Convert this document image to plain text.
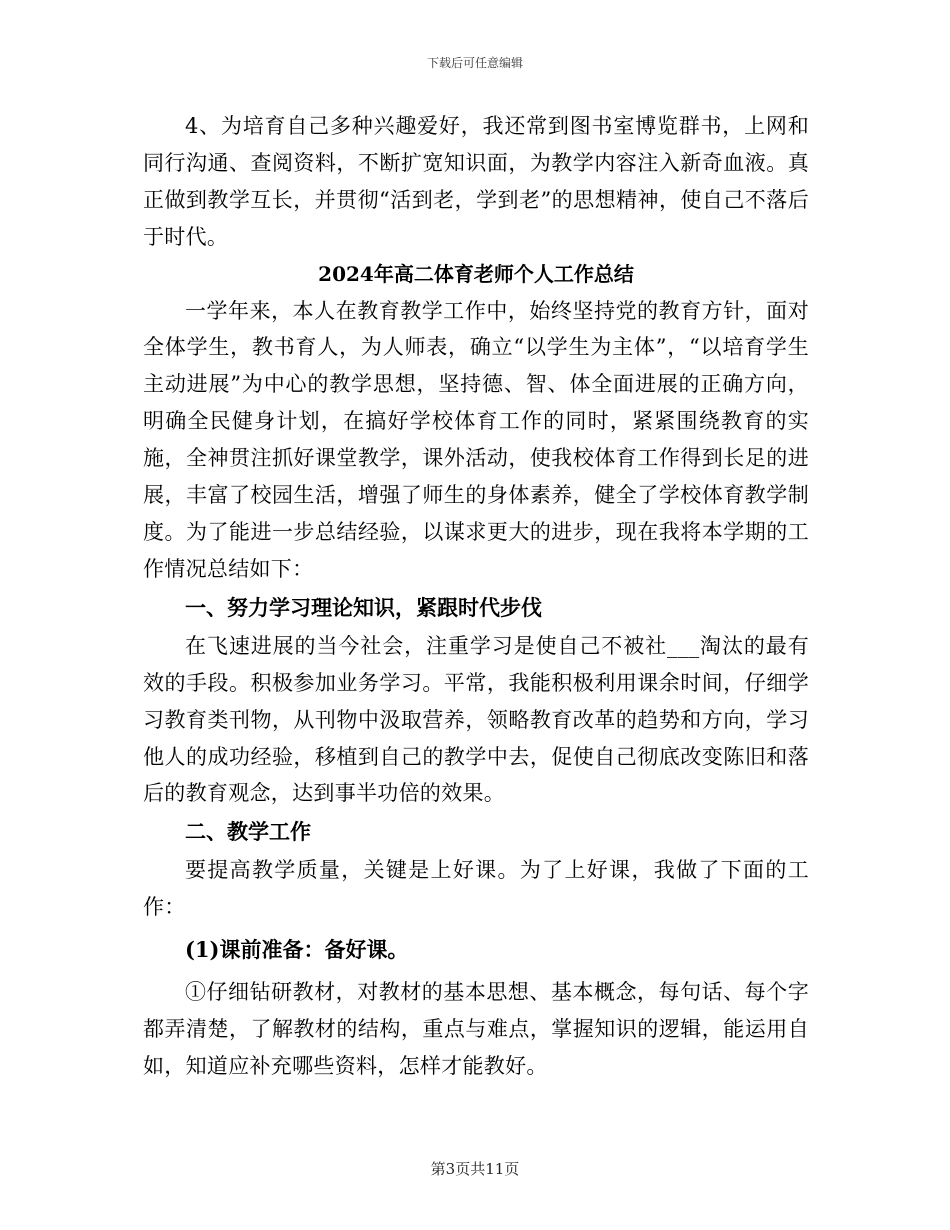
下载后可任意编辑

4、为培育自己多种兴趣爱好，我还常到图书室博览群书，上网和同行沟通、查阅资料，不断扩宽知识面，为教学内容注入新奇血液。真正做到教学互长，并贯彻“活到老，学到老”的思想精神，使自己不落后于时代。

2024年高二体育老师个人工作总结

一学年来，本人在教育教学工作中，始终坚持党的教育方针，面对全体学生，教书育人，为人师表，确立“以学生为主体”，“以培育学生主动进展”为中心的教学思想，坚持德、智、体全面进展的正确方向，明确全民健身计划，在搞好学校体育工作的同时，紧紧围绕教育的实施，全神贯注抓好课堂教学，课外活动，使我校体育工作得到长足的进展，丰富了校园生活，增强了师生的身体素养，健全了学校体育教学制度。为了能进一步总结经验，以谋求更大的进步，现在我将本学期的工作情况总结如下：

一、努力学习理论知识，紧跟时代步伐

在飞速进展的当今社会，注重学习是使自己不被社___淘汰的最有效的手段。积极参加业务学习。平常，我能积极利用课余时间，仔细学习教育类刊物，从刊物中汲取营养，领略教育改革的趋势和方向，学习他人的成功经验，移植到自己的教学中去，促使自己彻底改变陈旧和落后的教育观念，达到事半功倍的效果。

二、教学工作

要提高教学质量，关键是上好课。为了上好课，我做了下面的工作：

(1)课前准备：备好课。

①仔细钻研教材，对教材的基本思想、基本概念，每句话、每个字都弄清楚，了解教材的结构，重点与难点，掌握知识的逻辑，能运用自如，知道应补充哪些资料，怎样才能教好。

第3页共11页
